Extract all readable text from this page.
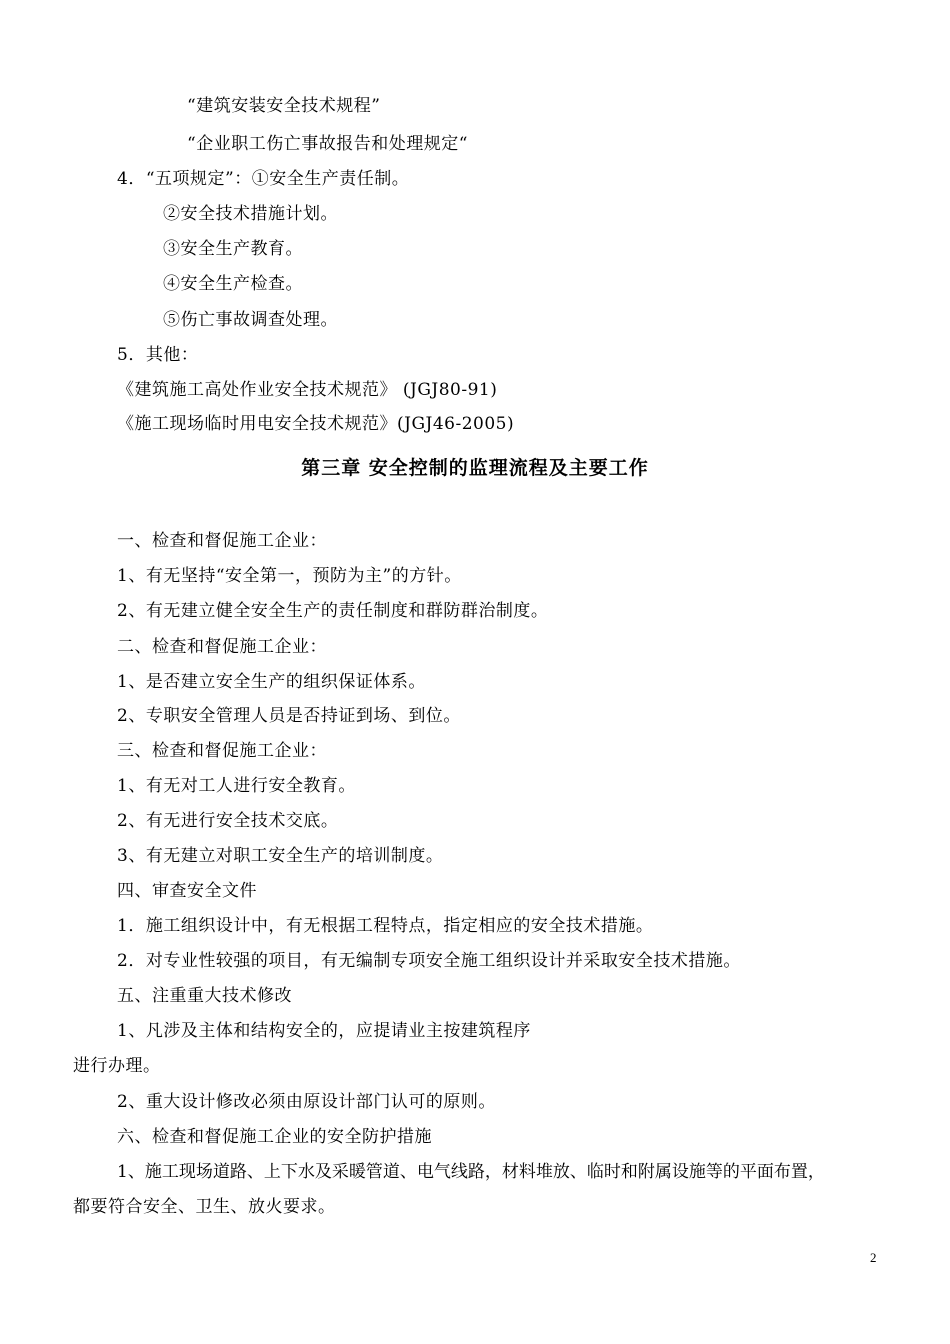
“建筑安装安全技术规程”
“企业职工伤亡事故报告和处理规定“
4．“五项规定”：①安全生产责任制。
②安全技术措施计划。
③安全生产教育。
④安全生产检查。
⑤伤亡事故调查处理。
5．其他：
《建筑施工高处作业安全技术规范》 (JGJ80-91)
《施工现场临时用电安全技术规范》(JGJ46-2005)
第三章 安全控制的监理流程及主要工作
一、检查和督促施工企业：
1、有无坚持“安全第一，预防为主”的方针。
2、有无建立健全安全生产的责任制度和群防群治制度。
二、检查和督促施工企业：
1、是否建立安全生产的组织保证体系。
2、专职安全管理人员是否持证到场、到位。
三、检查和督促施工企业：
1、有无对工人进行安全教育。
2、有无进行安全技术交底。
3、有无建立对职工安全生产的培训制度。
四、审查安全文件
1．施工组织设计中，有无根据工程特点，指定相应的安全技术措施。
2．对专业性较强的项目，有无编制专项安全施工组织设计并采取安全技术措施。
五、注重重大技术修改
1、凡涉及主体和结构安全的，应提请业主按建筑程序
进行办理。
2、重大设计修改必须由原设计部门认可的原则。
六、检查和督促施工企业的安全防护措施
1、施工现场道路、上下水及采暖管道、电气线路，材料堆放、临时和附属设施等的平面布置，
都要符合安全、卫生、放火要求。
2
